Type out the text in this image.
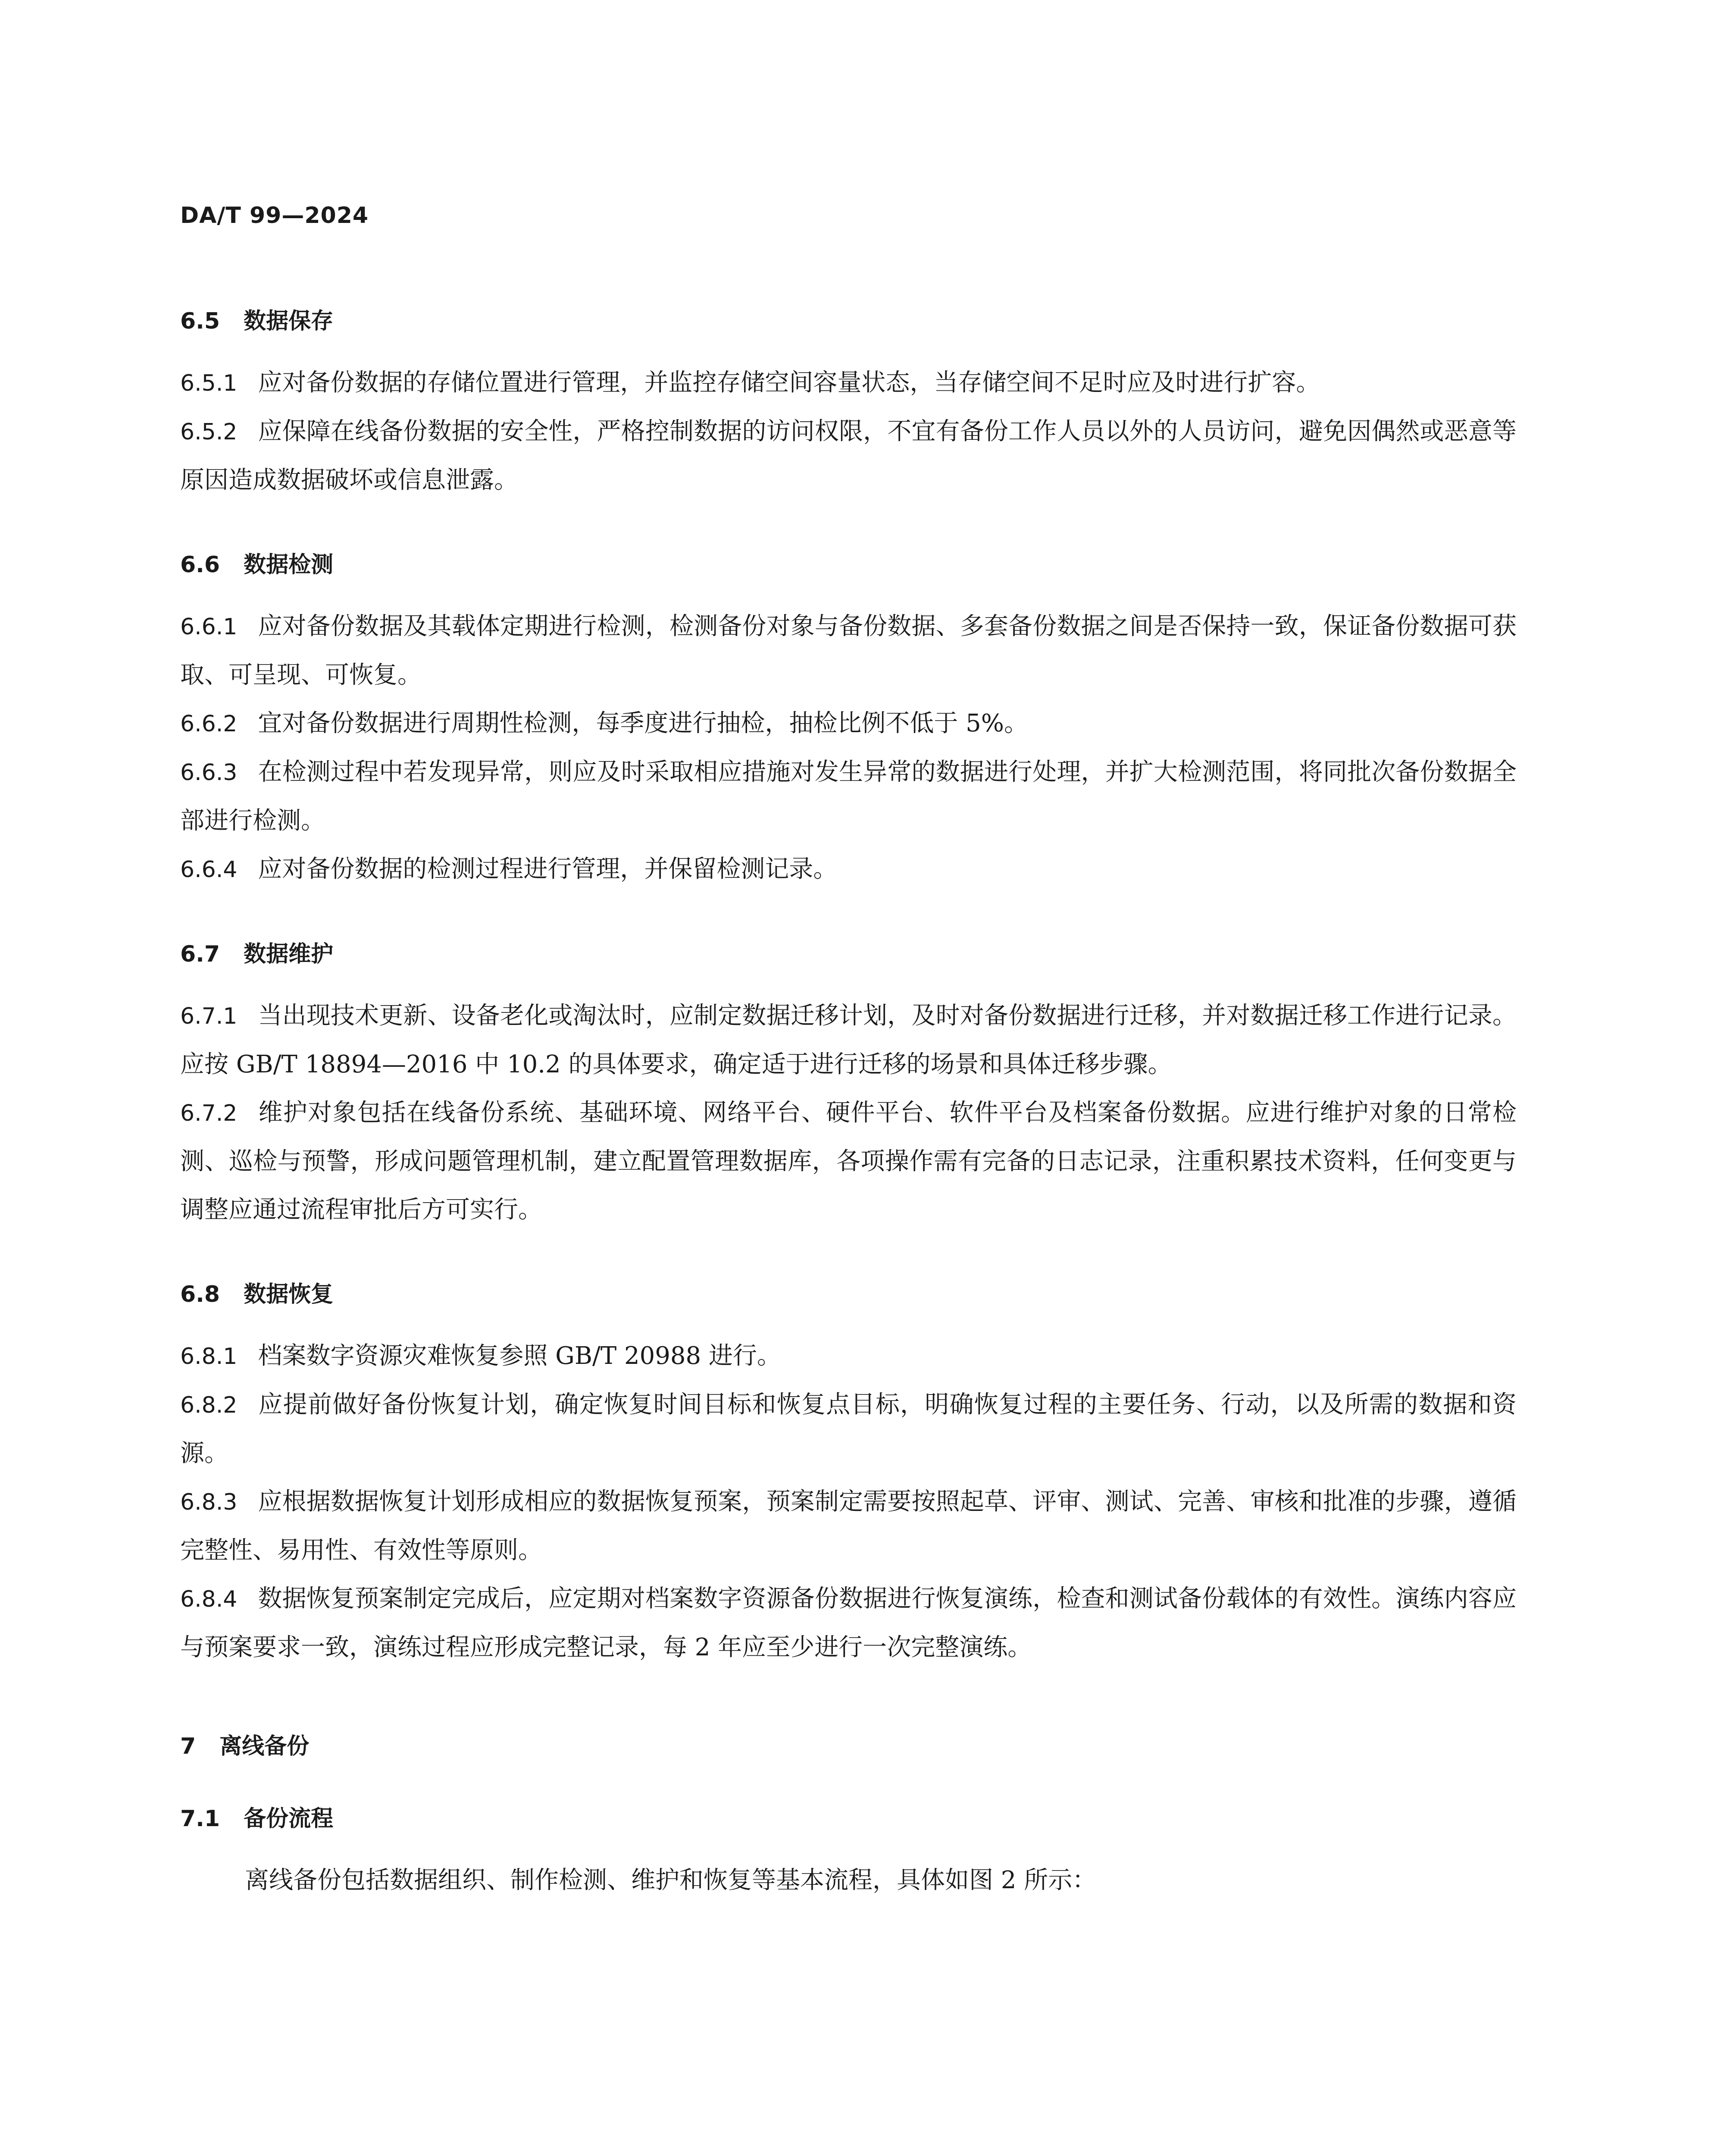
DA/T 99—2024
6.5 数据保存

6.5.1 应对备份数据的存储位置进行管理，并监控存储空间容量状态，当存储空间不足时应及时进行扩容。

6.5.2 应保障在线备份数据的安全性，严格控制数据的访问权限，不宜有备份工作人员以外的人员访问，避免因偶然或恶意等原因造成数据破坏或信息泄露。

6.6 数据检测

6.6.1 应对备份数据及其载体定期进行检测，检测备份对象与备份数据、多套备份数据之间是否保持一致，保证备份数据可获取、可呈现、可恢复。

6.6.2 宜对备份数据进行周期性检测，每季度进行抽检，抽检比例不低于 5%。

6.6.3 在检测过程中若发现异常，则应及时采取相应措施对发生异常的数据进行处理，并扩大检测范围，将同批次备份数据全部进行检测。

6.6.4 应对备份数据的检测过程进行管理，并保留检测记录。

6.7 数据维护

6.7.1 当出现技术更新、设备老化或淘汰时，应制定数据迁移计划，及时对备份数据进行迁移，并对数据迁移工作进行记录。应按 GB/T 18894—2016 中 10.2 的具体要求，确定适于进行迁移的场景和具体迁移步骤。

6.7.2 维护对象包括在线备份系统、基础环境、网络平台、硬件平台、软件平台及档案备份数据。应进行维护对象的日常检测、巡检与预警，形成问题管理机制，建立配置管理数据库，各项操作需有完备的日志记录，注重积累技术资料，任何变更与调整应通过流程审批后方可实行。

6.8 数据恢复

6.8.1 档案数字资源灾难恢复参照 GB/T 20988 进行。

6.8.2 应提前做好备份恢复计划，确定恢复时间目标和恢复点目标，明确恢复过程的主要任务、行动，以及所需的数据和资源。

6.8.3 应根据数据恢复计划形成相应的数据恢复预案，预案制定需要按照起草、评审、测试、完善、审核和批准的步骤，遵循完整性、易用性、有效性等原则。

6.8.4 数据恢复预案制定完成后，应定期对档案数字资源备份数据进行恢复演练，检查和测试备份载体的有效性。演练内容应与预案要求一致，演练过程应形成完整记录，每 2 年应至少进行一次完整演练。

7 离线备份
7.1 备份流程

离线备份包括数据组织、制作检测、维护和恢复等基本流程，具体如图 2 所示：
